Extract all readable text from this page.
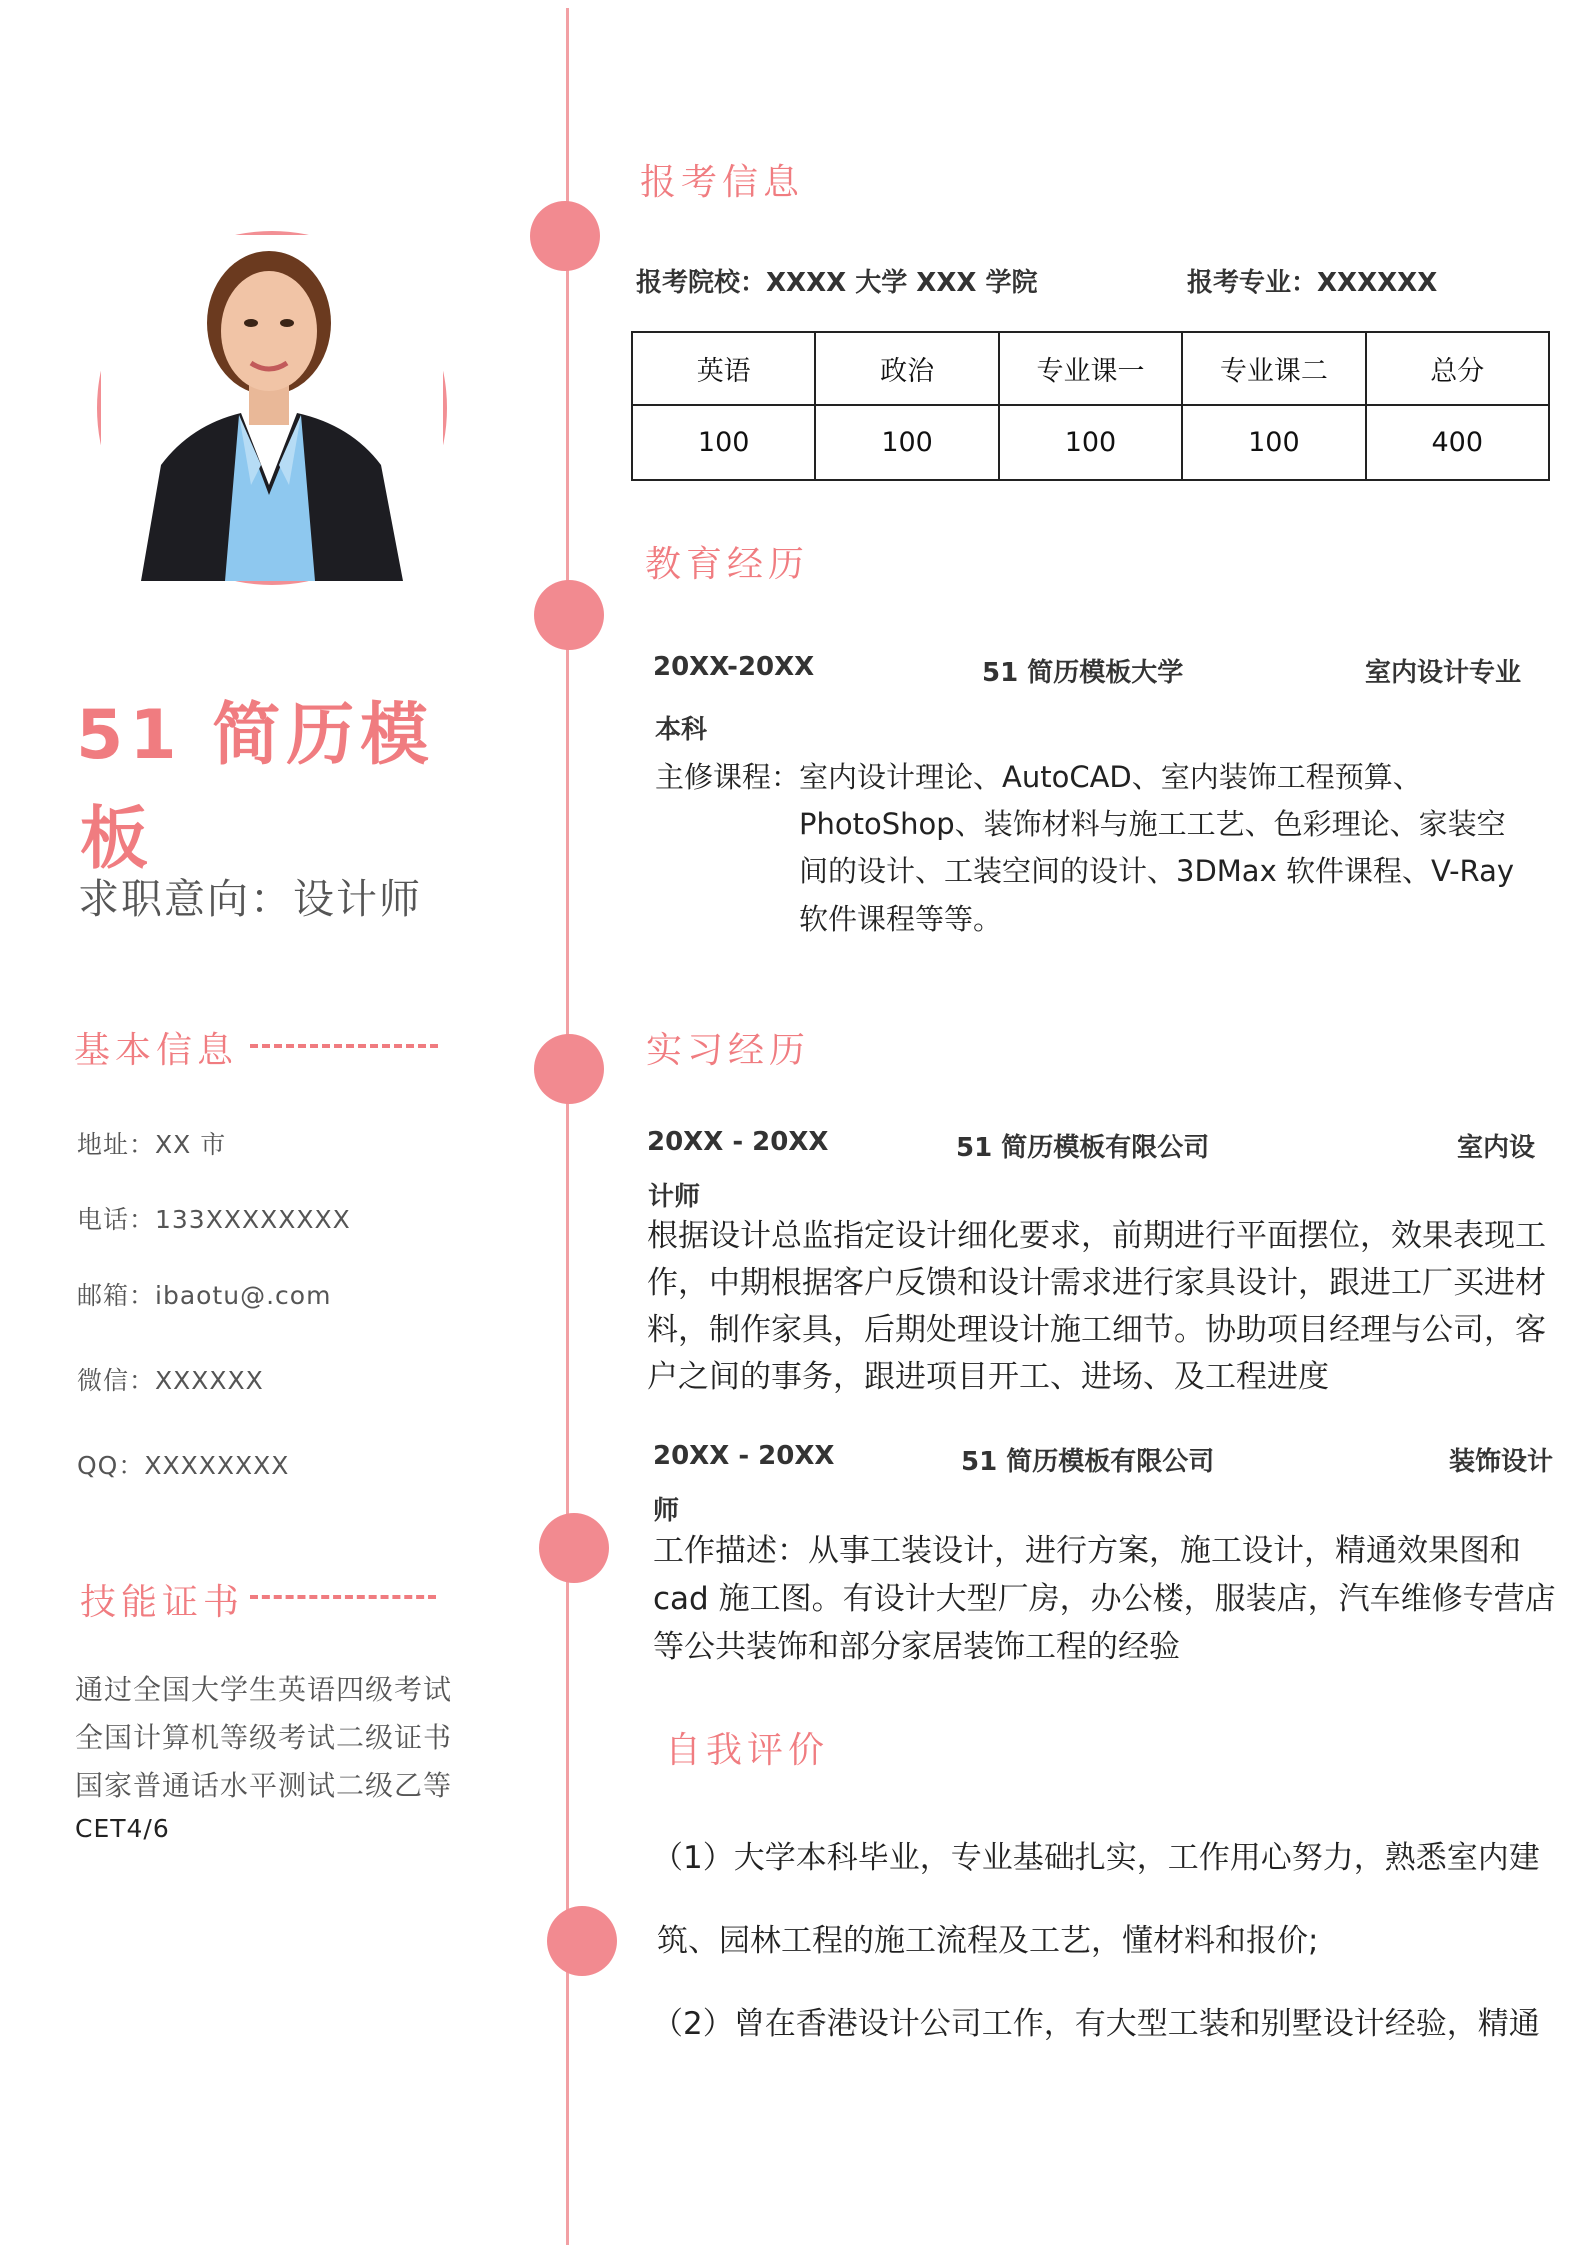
51 简历模
板
求职意向：设计师
基本信息
地址：XX 市
电话：133XXXXXXXX
邮箱：ibaotu@.com
微信：XXXXXX
QQ：XXXXXXXX
技能证书
通过全国大学生英语四级考试
全国计算机等级考试二级证书
国家普通话水平测试二级乙等
CET4/6
报考信息
报考院校：XXXX 大学 XXX 学院	报考专业：XXXXXX
英语	政治	专业课一	专业课二	总分
100	100	100	100	400
教育经历
20XX-20XX	51 简历模板大学	室内设计专业
本科
主修课程：
室内设计理论、AutoCAD、室内装饰工程预算、
PhotoShop、装饰材料与施工工艺、色彩理论、家装空
间的设计、工装空间的设计、3DMax 软件课程、V-Ray
软件课程等等。
实习经历
20XX - 20XX	51 简历模板有限公司	室内设
计师
根据设计总监指定设计细化要求，前期进行平面摆位，效果表现工
作，中期根据客户反馈和设计需求进行家具设计，跟进工厂买进材
料，制作家具，后期处理设计施工细节。协助项目经理与公司，客
户之间的事务，跟进项目开工、进场、及工程进度
20XX - 20XX	51 简历模板有限公司	装饰设计
师
工作描述：从事工装设计，进行方案，施工设计，精通效果图和
cad 施工图。有设计大型厂房，办公楼，服装店，汽车维修专营店
等公共装饰和部分家居装饰工程的经验
自我评价
（1）大学本科毕业，专业基础扎实，工作用心努力，熟悉室内建
筑、园林工程的施工流程及工艺，懂材料和报价;
（2）曾在香港设计公司工作，有大型工装和别墅设计经验，精通
